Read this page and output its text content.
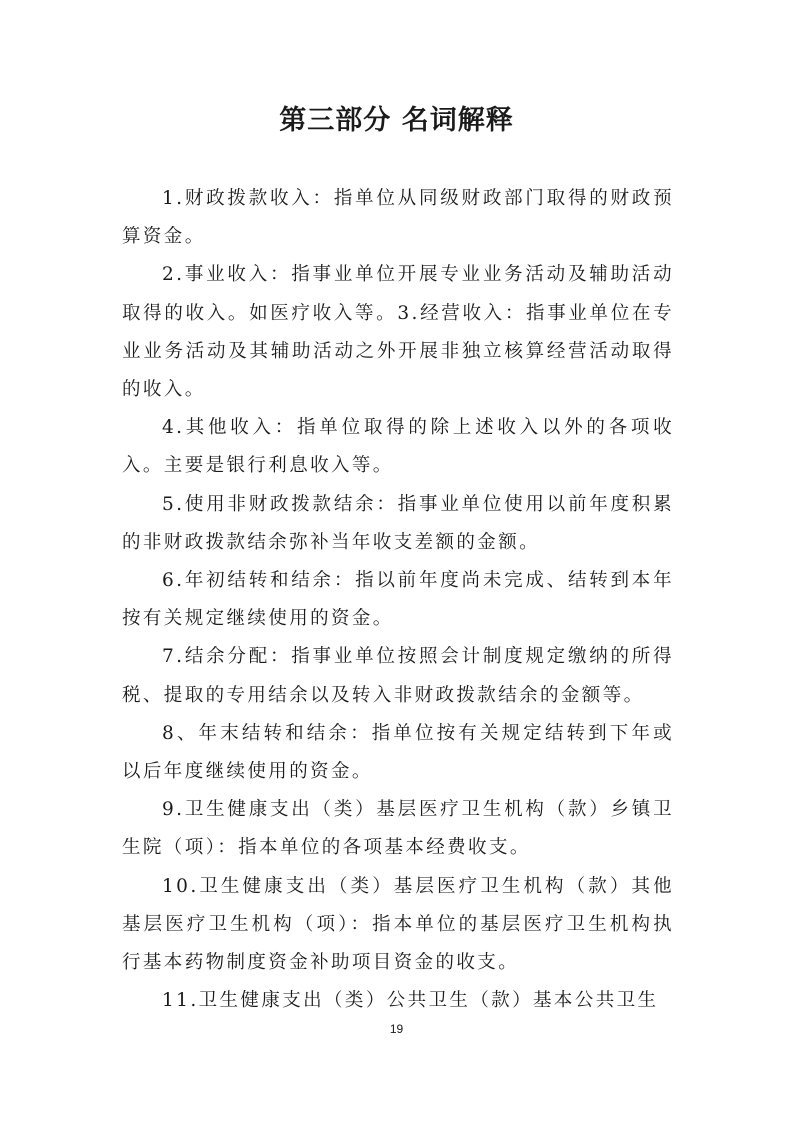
第三部分 名词解释

1.财政拨款收入：指单位从同级财政部门取得的财政预算资金。

2.事业收入：指事业单位开展专业业务活动及辅助活动取得的收入。如医疗收入等。3.经营收入：指事业单位在专业业务活动及其辅助活动之外开展非独立核算经营活动取得的收入。

4.其他收入：指单位取得的除上述收入以外的各项收入。主要是银行利息收入等。

5.使用非财政拨款结余：指事业单位使用以前年度积累的非财政拨款结余弥补当年收支差额的金额。

6.年初结转和结余：指以前年度尚未完成、结转到本年按有关规定继续使用的资金。

7.结余分配：指事业单位按照会计制度规定缴纳的所得税、提取的专用结余以及转入非财政拨款结余的金额等。

8、年末结转和结余：指单位按有关规定结转到下年或以后年度继续使用的资金。

9.卫生健康支出（类）基层医疗卫生机构（款）乡镇卫生院（项）：指本单位的各项基本经费收支。

10.卫生健康支出（类）基层医疗卫生机构（款）其他基层医疗卫生机构（项）：指本单位的基层医疗卫生机构执行基本药物制度资金补助项目资金的收支。

11.卫生健康支出（类）公共卫生（款）基本公共卫生

19
